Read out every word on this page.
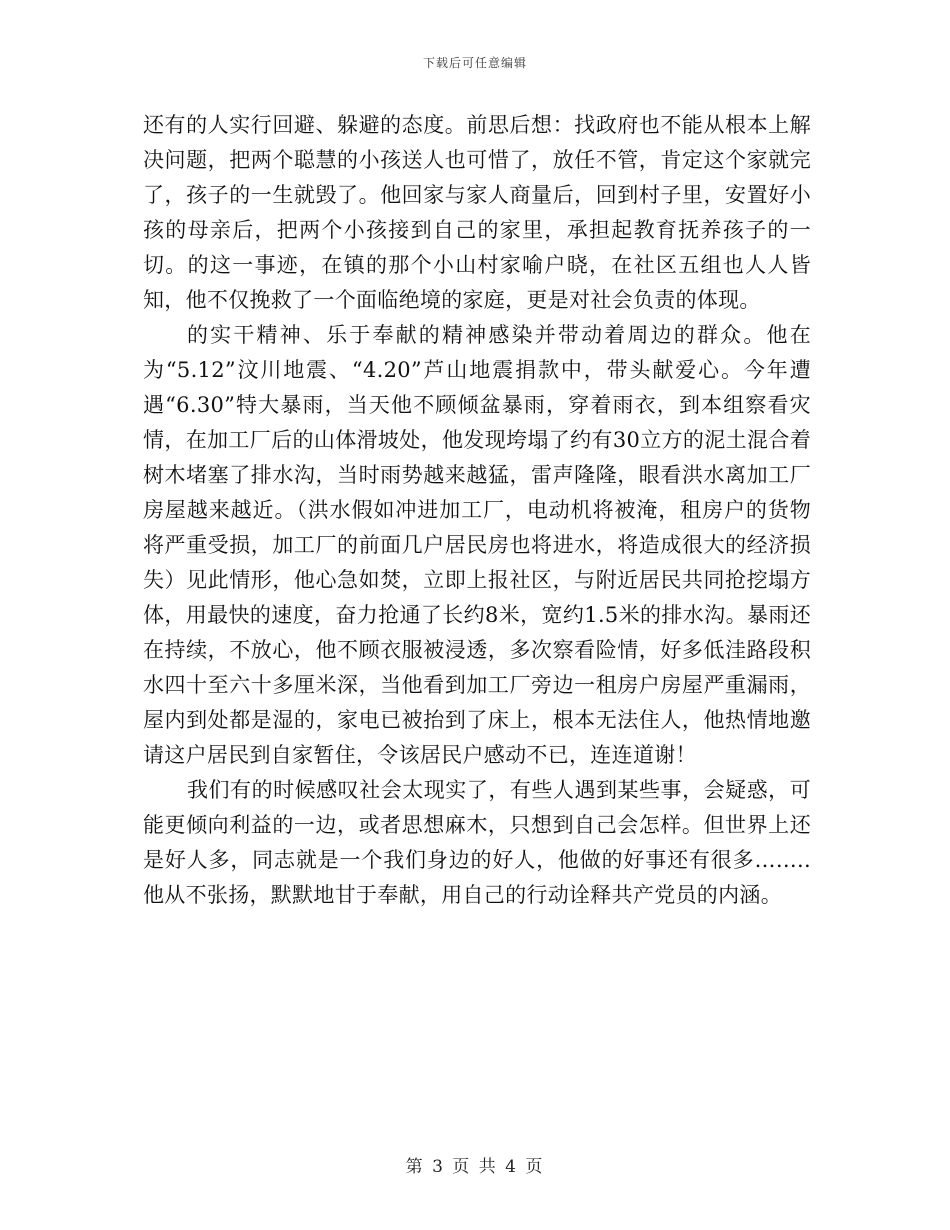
下载后可任意编辑

还有的人实行回避、躲避的态度。前思后想：找政府也不能从根本上解决问题，把两个聪慧的小孩送人也可惜了，放任不管，肯定这个家就完了，孩子的一生就毁了。他回家与家人商量后，回到村子里，安置好小孩的母亲后，把两个小孩接到自己的家里，承担起教育抚养孩子的一切。的这一事迹，在镇的那个小山村家喻户晓，在社区五组也人人皆知，他不仅挽救了一个面临绝境的家庭，更是对社会负责的体现。

的实干精神、乐于奉献的精神感染并带动着周边的群众。他在为“5.12”汶川地震、“4.20”芦山地震捐款中，带头献爱心。今年遭遇“6.30”特大暴雨，当天他不顾倾盆暴雨，穿着雨衣，到本组察看灾情，在加工厂后的山体滑坡处，他发现垮塌了约有30立方的泥土混合着树木堵塞了排水沟，当时雨势越来越猛，雷声隆隆，眼看洪水离加工厂房屋越来越近。（洪水假如冲进加工厂，电动机将被淹，租房户的货物将严重受损，加工厂的前面几户居民房也将进水，将造成很大的经济损失）见此情形，他心急如焚，立即上报社区，与附近居民共同抢挖塌方体，用最快的速度，奋力抢通了长约8米，宽约1.5米的排水沟。暴雨还在持续，不放心，他不顾衣服被浸透，多次察看险情，好多低洼路段积水四十至六十多厘米深，当他看到加工厂旁边一租房户房屋严重漏雨，屋内到处都是湿的，家电已被抬到了床上，根本无法住人，他热情地邀请这户居民到自家暂住，令该居民户感动不已，连连道谢！

我们有的时候感叹社会太现实了，有些人遇到某些事，会疑惑，可能更倾向利益的一边，或者思想麻木，只想到自己会怎样。但世界上还是好人多，同志就是一个我们身边的好人，他做的好事还有很多……..他从不张扬，默默地甘于奉献，用自己的行动诠释共产党员的内涵。

第 3 页 共 4 页
